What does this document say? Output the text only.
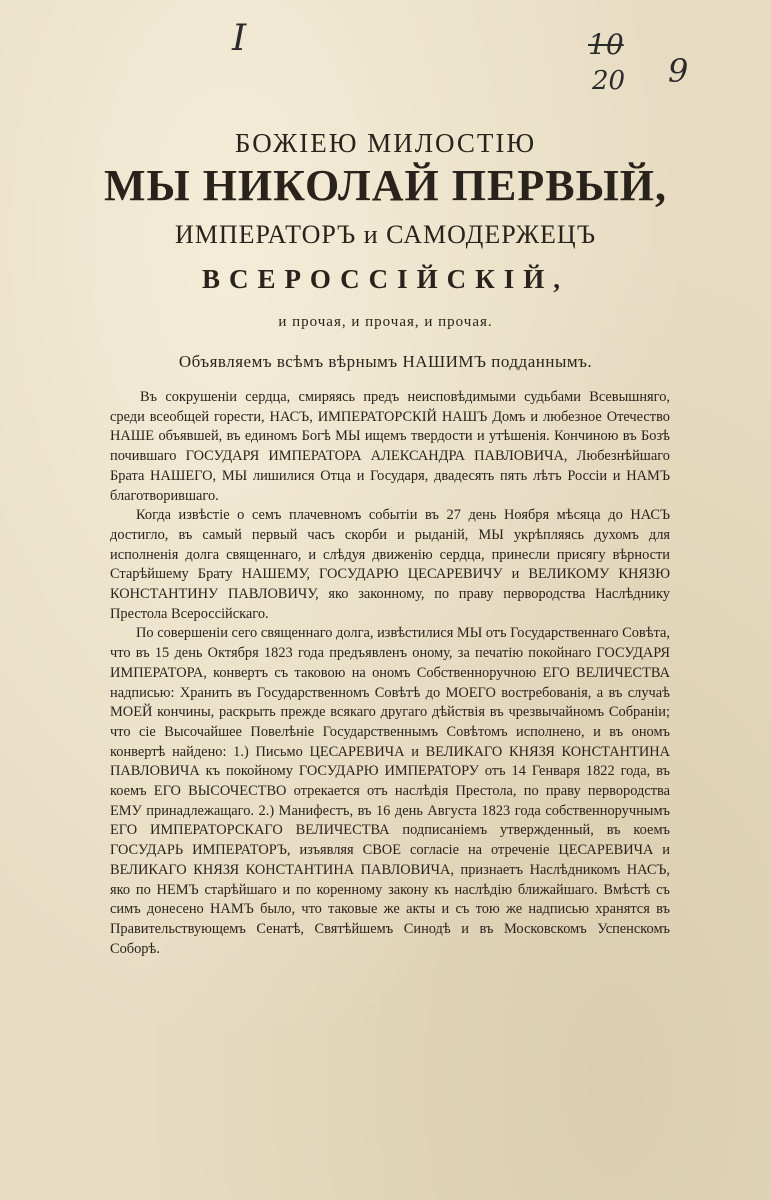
I	10
20 9
БОЖІЕЮ МИЛОСТІЮ
МЫ НИКОЛАЙ ПЕРВЫЙ,
ИМПЕРАТОРЪ и САМОДЕРЖЕЦЪ
ВСЕРОССІЙСКІЙ,
и прочая, и прочая, и прочая.
Объявляемъ всѣмъ вѣрнымъ НАШИМЪ подданнымъ.

Въ сокрушеніи сердца, смиряясь предъ неисповѣдимыми судьбами Всевышняго, среди всеобщей горести, НАСЪ, ИМПЕРАТОРСКІЙ НАШЪ Домъ и любезное Отечество НАШЕ объявшей, въ единомъ Богѣ МЫ ищемъ твердости и утѣшенія. Кончиною въ Бозѣ почившаго ГОСУДАРЯ ИМПЕРАТОРА АЛЕКСАНДРА ПАВЛОВИЧА, Любезнѣйшаго Брата НАШЕГО, МЫ лишилися Отца и Государя, двадесять пять лѣтъ Россіи и НАМЪ благотворившаго.

Когда извѣстіе о семъ плачевномъ событіи въ 27 день Ноября мѣсяца до НАСЪ достигло, въ самый первый часъ скорби и рыданій, МЫ укрѣпляясь духомъ для исполненія долга священнаго, и слѣдуя движенію сердца, принесли присягу вѣрности Старѣйшему Брату НАШЕМУ, ГОСУДАРЮ ЦЕСАРЕВИЧУ и ВЕЛИКОМУ КНЯЗЮ КОНСТАНТИНУ ПАВЛОВИЧУ, яко законному, по праву первородства Наслѣднику Престола Всероссійскаго.

По совершеніи сего священнаго долга, извѣстилися МЫ отъ Государственнаго Совѣта, что въ 15 день Октября 1823 года предъявленъ оному, за печатію покойнаго ГОСУДАРЯ ИМПЕРАТОРА, конвертъ съ таковою на ономъ Собственноручною ЕГО ВЕЛИЧЕСТВА надписью: Хранить въ Государственномъ Совѣтѣ до МОЕГО востребованія, а въ случаѣ МОЕЙ кончины, раскрыть прежде всякаго другаго дѣйствія въ чрезвычайномъ Собраніи; что сіе Высочайшее Повелѣніе Государственнымъ Совѣтомъ исполнено, и въ ономъ конвертѣ найдено: 1.) Письмо ЦЕСАРЕВИЧА и ВЕЛИКАГО КНЯЗЯ КОНСТАНТИНА ПАВЛОВИЧА къ покойному ГОСУДАРЮ ИМПЕРАТОРУ отъ 14 Генваря 1822 года, въ коемъ ЕГО ВЫСОЧЕСТВО отрекается отъ наслѣдія Престола, по праву первородства ЕМУ принадлежащаго. 2.) Манифестъ, въ 16 день Августа 1823 года собственноручнымъ ЕГО ИМПЕРАТОРСКАГО ВЕЛИЧЕСТВА подписаніемъ утвержденный, въ коемъ ГОСУДАРЬ ИМПЕРАТОРЪ, изъявляя СВОЕ согласіе на отреченіе ЦЕСАРЕВИЧА и ВЕЛИКАГО КНЯЗЯ КОНСТАНТИНА ПАВЛОВИЧА, признаетъ Наслѣдникомъ НАСЪ, яко по НЕМЪ старѣйшаго и по коренному закону къ наслѣдію ближайшаго. Вмѣстѣ съ симъ донесено НАМЪ было, что таковые же акты и съ тою же надписью хранятся въ Правительствующемъ Сенатѣ, Святѣйшемъ Синодѣ и въ Московскомъ Успенскомъ Соборѣ.
